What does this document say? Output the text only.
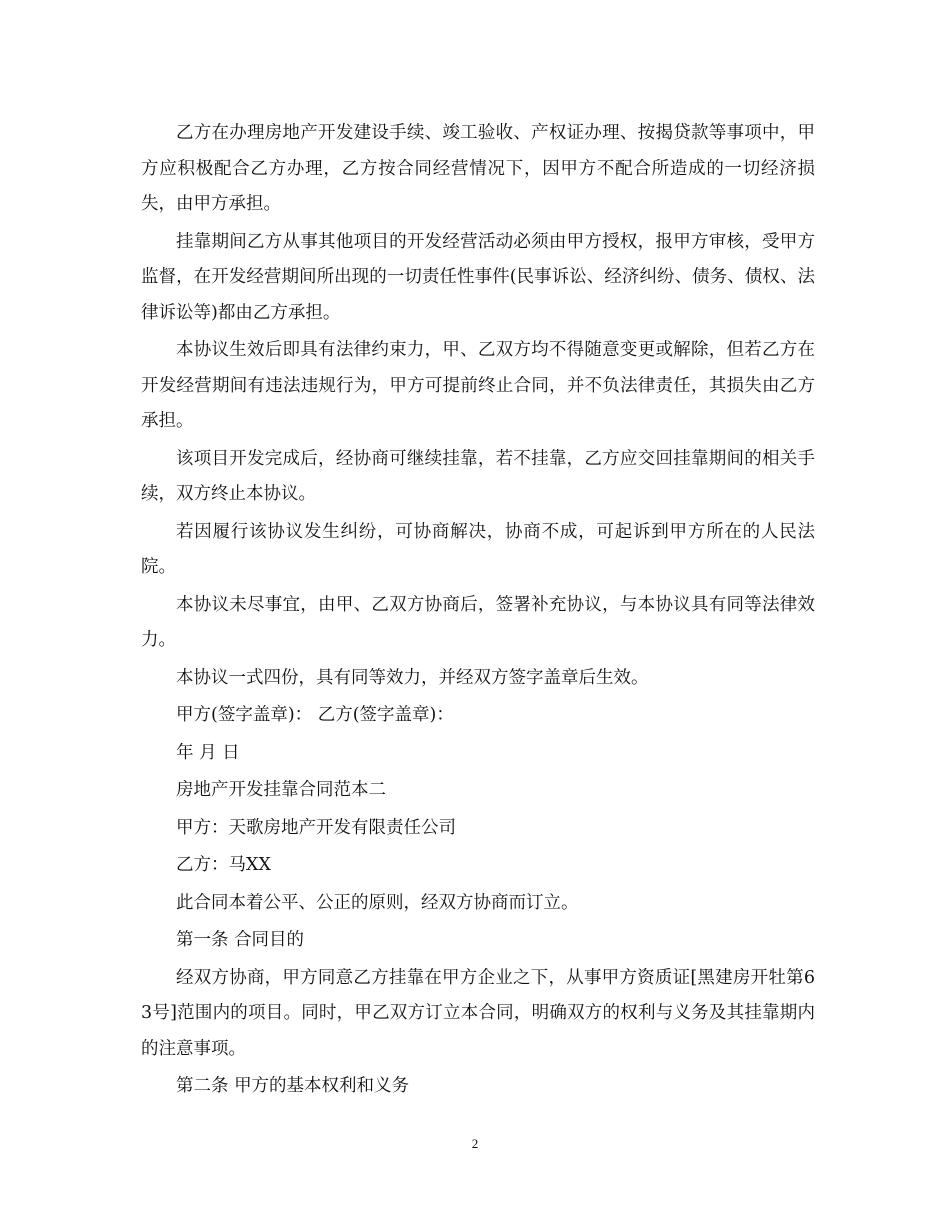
乙方在办理房地产开发建设手续、竣工验收、产权证办理、按揭贷款等事项中，甲方应积极配合乙方办理，乙方按合同经营情况下，因甲方不配合所造成的一切经济损失，由甲方承担。

挂靠期间乙方从事其他项目的开发经营活动必须由甲方授权，报甲方审核，受甲方监督，在开发经营期间所出现的一切责任性事件(民事诉讼、经济纠纷、债务、债权、法律诉讼等)都由乙方承担。

本协议生效后即具有法律约束力，甲、乙双方均不得随意变更或解除，但若乙方在开发经营期间有违法违规行为，甲方可提前终止合同，并不负法律责任，其损失由乙方承担。

该项目开发完成后，经协商可继续挂靠，若不挂靠，乙方应交回挂靠期间的相关手续，双方终止本协议。

若因履行该协议发生纠纷，可协商解决，协商不成，可起诉到甲方所在的人民法院。

本协议未尽事宜，由甲、乙双方协商后，签署补充协议，与本协议具有同等法律效力。

本协议一式四份，具有同等效力，并经双方签字盖章后生效。

甲方(签字盖章)： 乙方(签字盖章)：

年 月 日

房地产开发挂靠合同范本二

甲方：天歌房地产开发有限责任公司

乙方：马XX

此合同本着公平、公正的原则，经双方协商而订立。

第一条 合同目的

经双方协商，甲方同意乙方挂靠在甲方企业之下，从事甲方资质证[黑建房开牡第63号]范围内的项目。同时，甲乙双方订立本合同，明确双方的权利与义务及其挂靠期内的注意事项。

第二条 甲方的基本权利和义务

2
